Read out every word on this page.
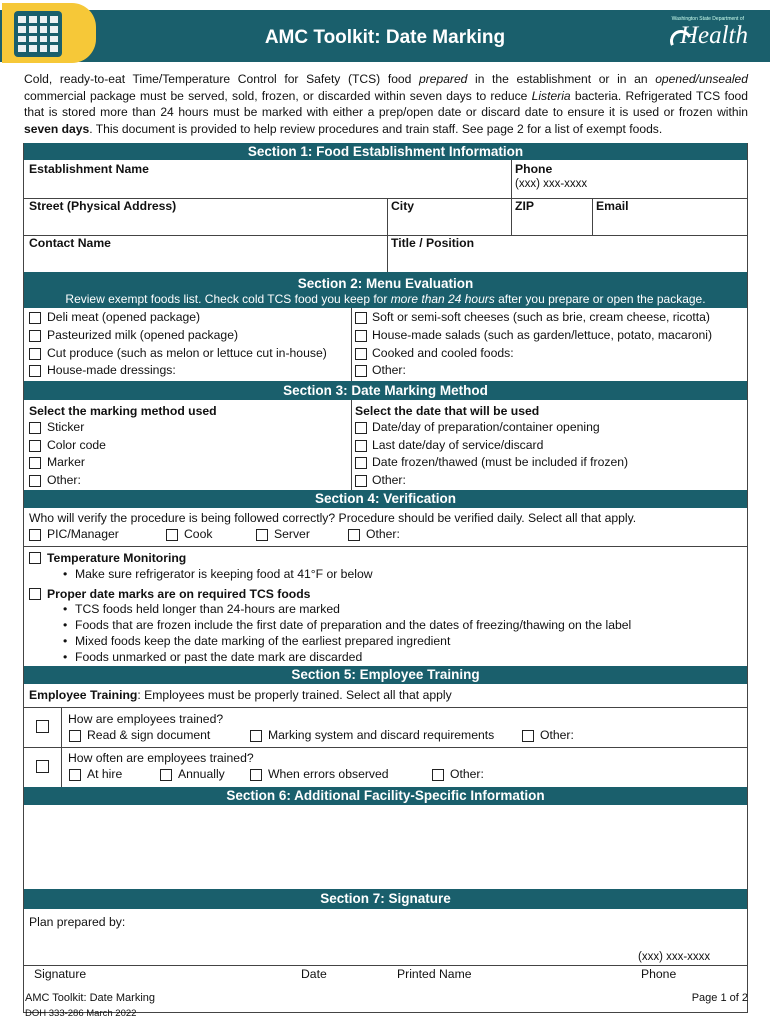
AMC Toolkit: Date Marking
Washington State Department of
Health
Cold, ready-to-eat Time/Temperature Control for Safety (TCS) food prepared in the establishment or in an opened/unsealed commercial package must be served, sold, frozen, or discarded within seven days to reduce Listeria bacteria. Refrigerated TCS food that is stored more than 24 hours must be marked with either a prep/open date or discard date to ensure it is used or frozen within seven days. This document is provided to help review procedures and train staff. See page 2 for a list of exempt foods.
Section 1: Food Establishment Information
Establishment Name	Phone
(xxx) xxx-xxxx
Street (Physical Address)	City	ZIP	Email
Contact Name	Title / Position
Section 2: Menu Evaluation
Review exempt foods list. Check cold TCS food you keep for more than 24 hours after you prepare or open the package.
Deli meat (opened package)
Pasteurized milk (opened package)
Cut produce (such as melon or lettuce cut in-house)
House-made dressings:
Soft or semi-soft cheeses (such as brie, cream cheese, ricotta)
House-made salads (such as garden/lettuce, potato, macaroni)
Cooked and cooled foods:
Other:
Section 3: Date Marking Method
Select the marking method used
Sticker
Color code
Marker
Other:
Select the date that will be used
Date/day of preparation/container opening
Last date/day of service/discard
Date frozen/thawed (must be included if frozen)
Other:
Section 4: Verification
Who will verify the procedure is being followed correctly? Procedure should be verified daily. Select all that apply.
PIC/Manager	Cook	Server	Other:
Temperature Monitoring
• Make sure refrigerator is keeping food at 41°F or below
Proper date marks are on required TCS foods
• TCS foods held longer than 24-hours are marked
• Foods that are frozen include the first date of preparation and the dates of freezing/thawing on the label
• Mixed foods keep the date marking of the earliest prepared ingredient
• Foods unmarked or past the date mark are discarded
Section 5: Employee Training
Employee Training: Employees must be properly trained. Select all that apply
How are employees trained?
Read & sign document	Marking system and discard requirements	Other:
How often are employees trained?
At hire	Annually	When errors observed	Other:
Section 6: Additional Facility-Specific Information
Section 7: Signature
Plan prepared by:
(xxx) xxx-xxxx
Signature	Date	Printed Name	Phone
AMC Toolkit: Date Marking
DOH 333-286 March 2022
Page 1 of 2
